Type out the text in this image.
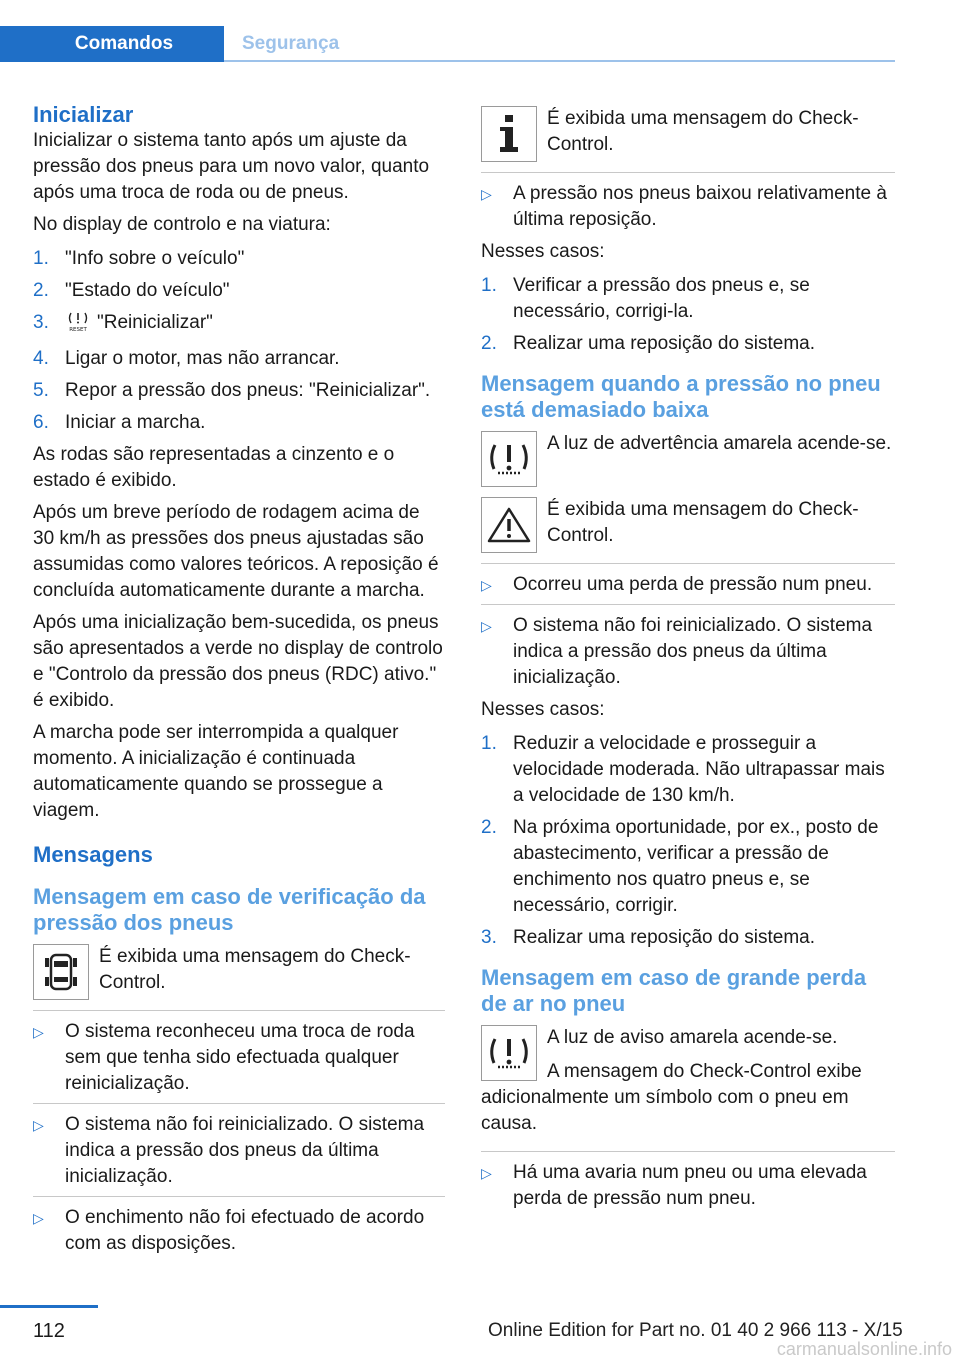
Comandos	Segurança
Inicializar

Inicializar o sistema tanto após um ajuste da pressão dos pneus para um novo valor, quanto após uma troca de roda ou de pneus.

No display de controlo e na viatura:

1. "Info sobre o veículo"
2. "Estado do veículo"
3.	RESET "Reinicializar"
4. Ligar o motor, mas não arrancar.
5. Repor a pressão dos pneus: "Reinicializar".
6. Iniciar a marcha.

As rodas são representadas a cinzento e o estado é exibido.

Após um breve período de rodagem acima de 30 km/h as pressões dos pneus ajustadas são assumidas como valores teóricos. A reposição é concluída automaticamente durante a marcha.

Após uma inicialização bem-sucedida, os pneus são apresentados a verde no display de controlo e "Controlo da pressão dos pneus (RDC) ativo." é exibido.

A marcha pode ser interrompida a qualquer momento. A inicialização é continuada automaticamente quando se prossegue a viagem.

Mensagens
Mensagem em caso de verificação da pressão dos pneus
É exibida uma mensagem do Check-Control.
▷ O sistema reconheceu uma troca de roda sem que tenha sido efectuada qualquer reinicialização.
▷ O sistema não foi reinicializado. O sistema indica a pressão dos pneus da última inicialização.
▷ O enchimento não foi efectuado de acordo com as disposições.
É exibida uma mensagem do Check-Control.
▷ A pressão nos pneus baixou relativamente à última reposição.

Nesses casos:

1. Verificar a pressão dos pneus e, se necessário, corrigi-la.
2. Realizar uma reposição do sistema.
Mensagem quando a pressão no pneu está demasiado baixa
A luz de advertência amarela acende-se.
É exibida uma mensagem do Check-Control.
▷ Ocorreu uma perda de pressão num pneu.
▷ O sistema não foi reinicializado. O sistema indica a pressão dos pneus da última inicialização.

Nesses casos:

1. Reduzir a velocidade e prosseguir a velocidade moderada. Não ultrapassar mais a velocidade de 130 km/h.
2. Na próxima oportunidade, por ex., posto de abastecimento, verificar a pressão de enchimento nos quatro pneus e, se necessário, corrigir.
3. Realizar uma reposição do sistema.
Mensagem em caso de grande perda de ar no pneu
A luz de aviso amarela acende-se.

A mensagem do Check-Control exibe adicionalmente um símbolo com o pneu em causa.

▷ Há uma avaria num pneu ou uma elevada perda de pressão num pneu.
112	Online Edition for Part no. 01 40 2 966 113 - X/15
carmanualsonline.info
